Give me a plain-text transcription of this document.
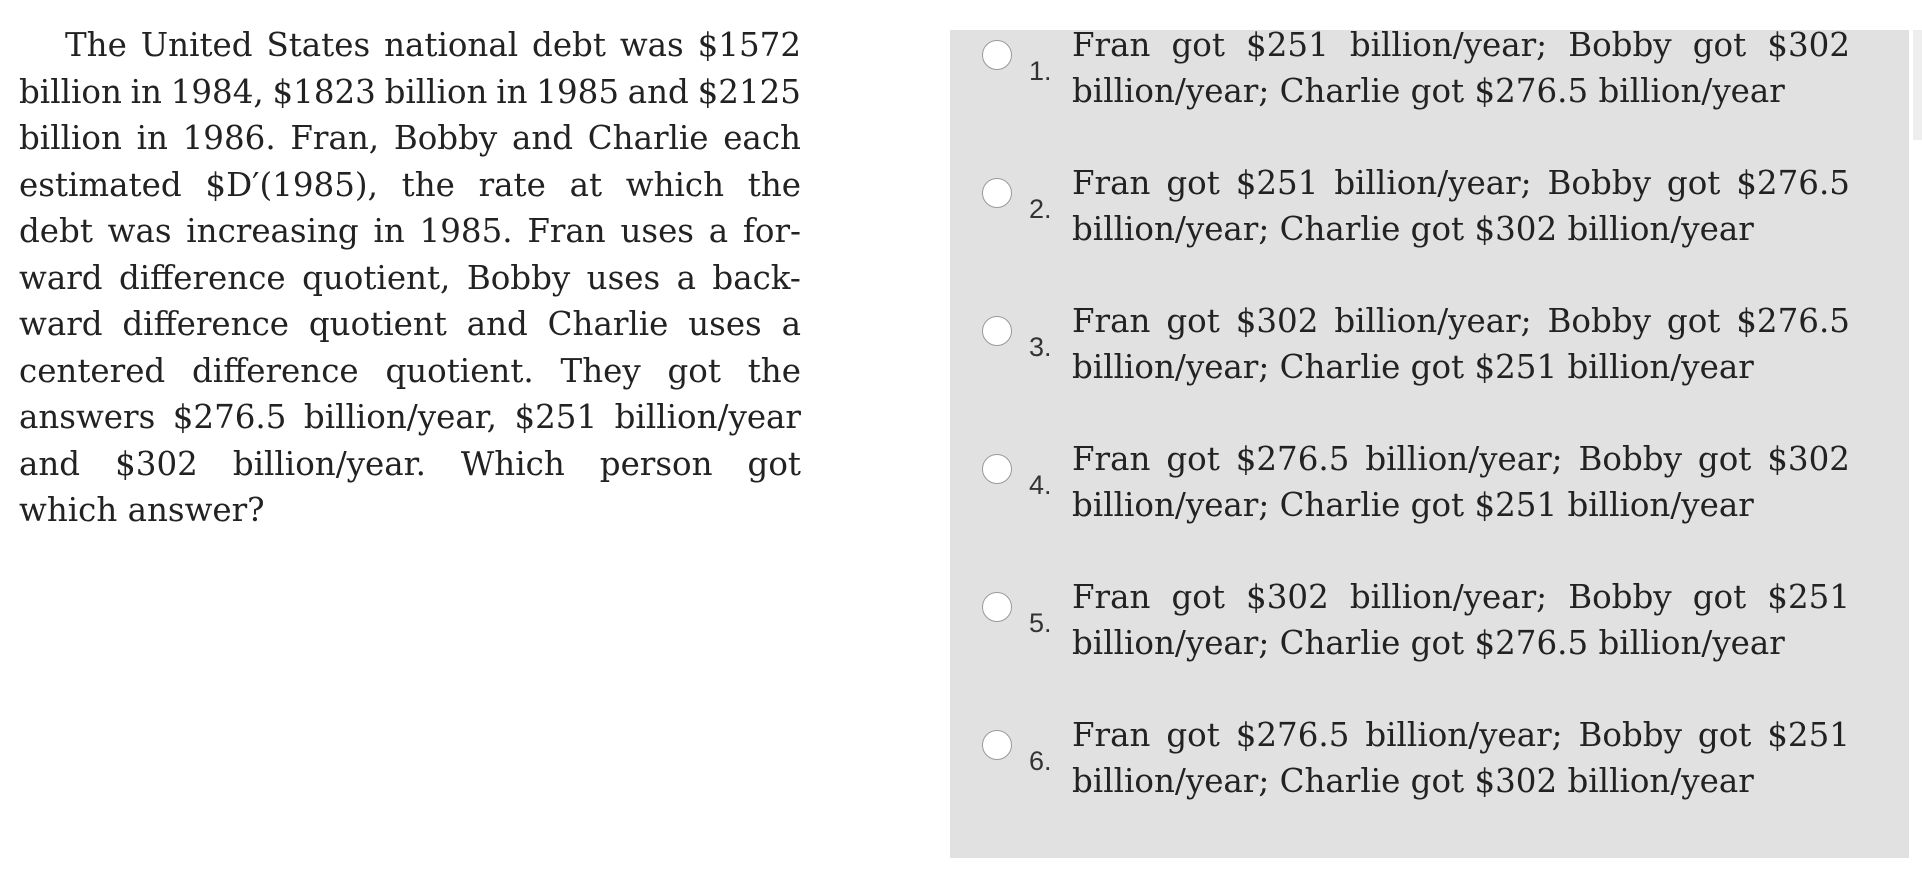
The United States national debt was $1572
billion in 1984, $1823 billion in 1985 and $2125
billion in 1986. Fran, Bobby and Charlie each
estimated $D′(1985), the rate at which the
debt was increasing in 1985. Fran uses a for-
ward difference quotient, Bobby uses a back-
ward difference quotient and Charlie uses a
centered difference quotient. They got the
answers $276.5 billion/year, $251 billion/year
and $302 billion/year. Which person got
which answer?
1.
Fran got $251 billion/year; Bobby got $302
billion/year; Charlie got $276.5 billion/year
2.
Fran got $251 billion/year; Bobby got $276.5
billion/year; Charlie got $302 billion/year
3.
Fran got $302 billion/year; Bobby got $276.5
billion/year; Charlie got $251 billion/year
4.
Fran got $276.5 billion/year; Bobby got $302
billion/year; Charlie got $251 billion/year
5.
Fran got $302 billion/year; Bobby got $251
billion/year; Charlie got $276.5 billion/year
6.
Fran got $276.5 billion/year; Bobby got $251
billion/year; Charlie got $302 billion/year
